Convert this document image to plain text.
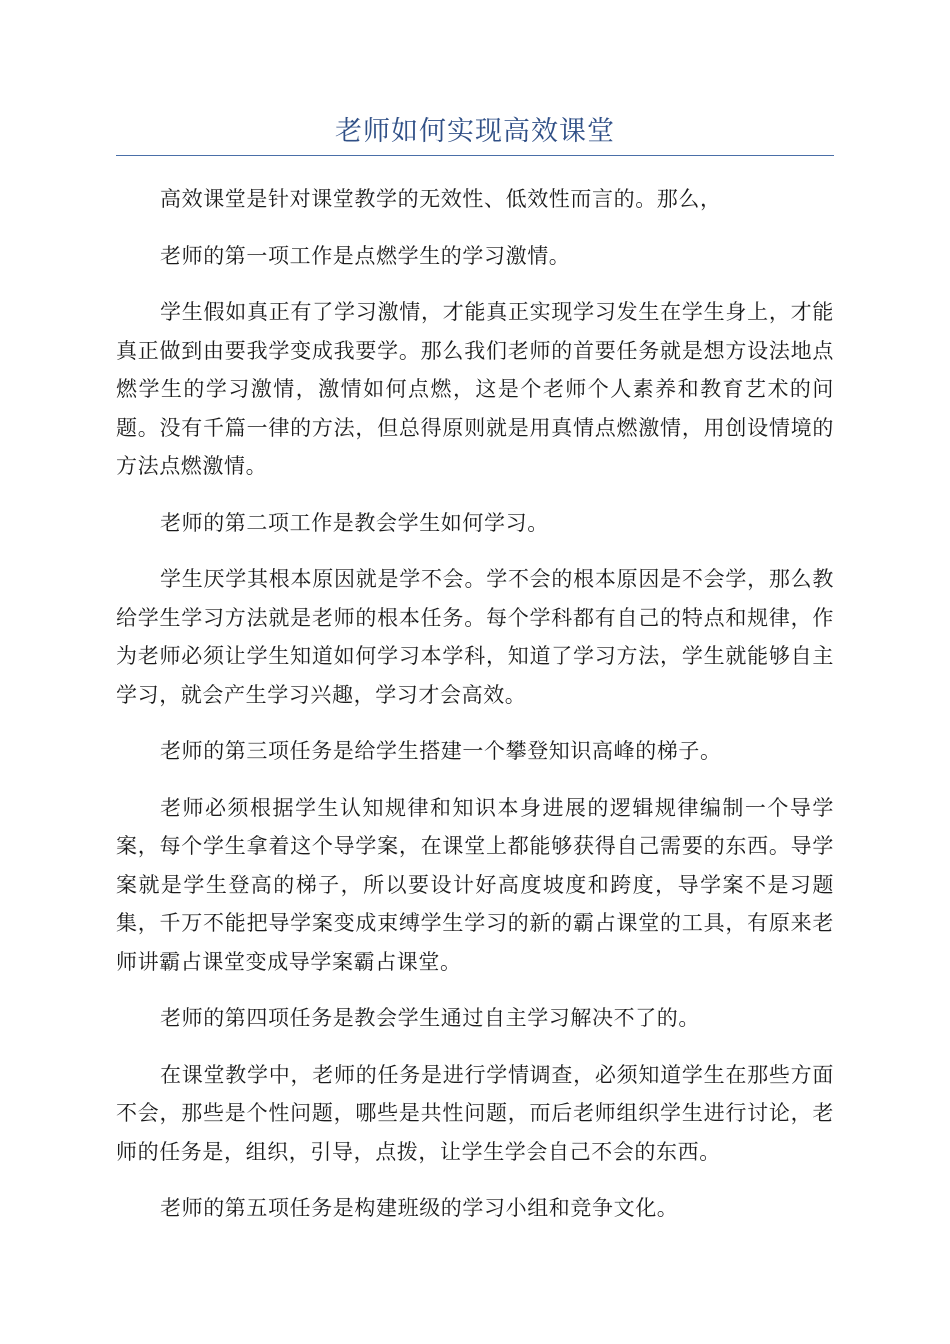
老师如何实现高效课堂

高效课堂是针对课堂教学的无效性、低效性而言的。那么，

老师的第一项工作是点燃学生的学习激情。

学生假如真正有了学习激情，才能真正实现学习发生在学生身上，才能真正做到由要我学变成我要学。那么我们老师的首要任务就是想方设法地点燃学生的学习激情，激情如何点燃，这是个老师个人素养和教育艺术的问题。没有千篇一律的方法，但总得原则就是用真情点燃激情，用创设情境的方法点燃激情。

老师的第二项工作是教会学生如何学习。

学生厌学其根本原因就是学不会。学不会的根本原因是不会学，那么教给学生学习方法就是老师的根本任务。每个学科都有自己的特点和规律，作为老师必须让学生知道如何学习本学科，知道了学习方法，学生就能够自主学习，就会产生学习兴趣，学习才会高效。

老师的第三项任务是给学生搭建一个攀登知识高峰的梯子。

老师必须根据学生认知规律和知识本身进展的逻辑规律编制一个导学案，每个学生拿着这个导学案，在课堂上都能够获得自己需要的东西。导学案就是学生登高的梯子，所以要设计好高度坡度和跨度，导学案不是习题集，千万不能把导学案变成束缚学生学习的新的霸占课堂的工具，有原来老师讲霸占课堂变成导学案霸占课堂。

老师的第四项任务是教会学生通过自主学习解决不了的。

在课堂教学中，老师的任务是进行学情调查，必须知道学生在那些方面不会，那些是个性问题，哪些是共性问题，而后老师组织学生进行讨论，老师的任务是，组织，引导，点拨，让学生学会自己不会的东西。

老师的第五项任务是构建班级的学习小组和竞争文化。
